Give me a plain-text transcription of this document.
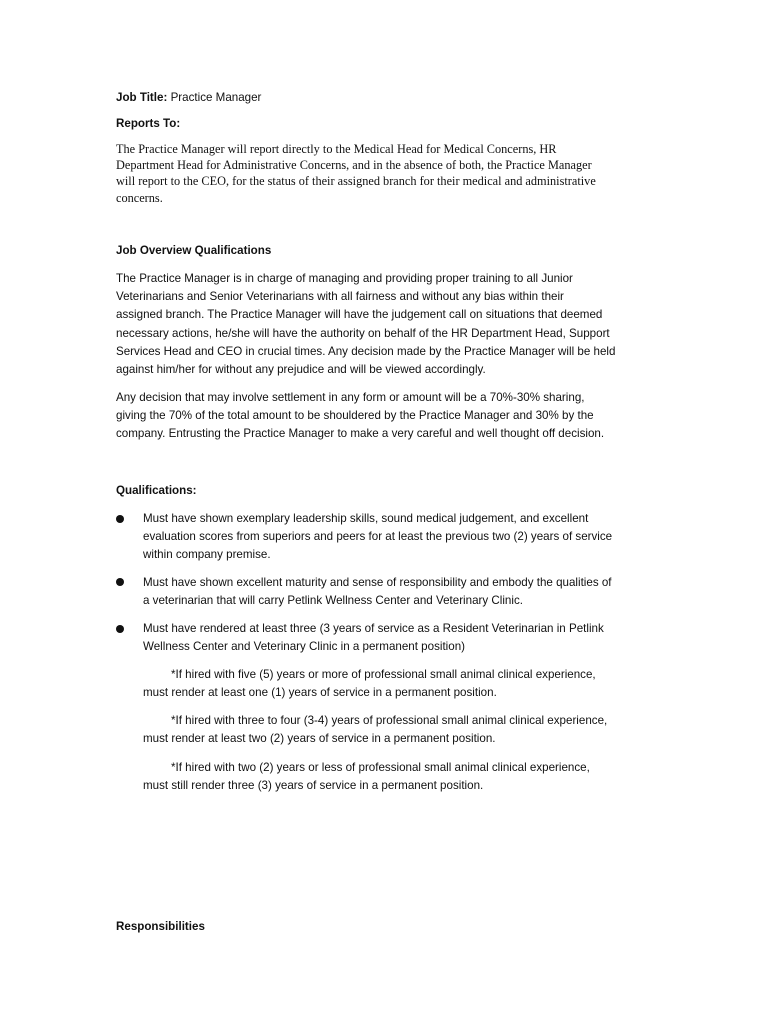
Job Title: Practice Manager
Reports To:
The Practice Manager will report directly to the Medical Head for Medical Concerns, HR
Department Head for Administrative Concerns, and in the absence of both, the Practice Manager
will report to the CEO, for the status of their assigned branch for their medical and administrative
concerns.
Job Overview Qualifications
The Practice Manager is in charge of managing and providing proper training to all Junior
Veterinarians and Senior Veterinarians with all fairness and without any bias within their
assigned branch. The Practice Manager will have the judgement call on situations that deemed
necessary actions, he/she will have the authority on behalf of the HR Department Head, Support
Services Head and CEO in crucial times. Any decision made by the Practice Manager will be held
against him/her for without any prejudice and will be viewed accordingly.
Any decision that may involve settlement in any form or amount will be a 70%-30% sharing,
giving the 70% of the total amount to be shouldered by the Practice Manager and 30% by the
company. Entrusting the Practice Manager to make a very careful and well thought off decision.
Qualifications:
Must have shown exemplary leadership skills, sound medical judgement, and excellent
evaluation scores from superiors and peers for at least the previous two (2) years of service
within company premise.
Must have shown excellent maturity and sense of responsibility and embody the qualities of
a veterinarian that will carry Petlink Wellness Center and Veterinary Clinic.
Must have rendered at least three (3 years of service as a Resident Veterinarian in Petlink
Wellness Center and Veterinary Clinic in a permanent position)
*If hired with five (5) years or more of professional small animal clinical experience,
must render at least one (1) years of service in a permanent position.
*If hired with three to four (3-4) years of professional small animal clinical experience,
must render at least two (2) years of service in a permanent position.
*If hired with two (2) years or less of professional small animal clinical experience,
must still render three (3) years of service in a permanent position.
Responsibilities
